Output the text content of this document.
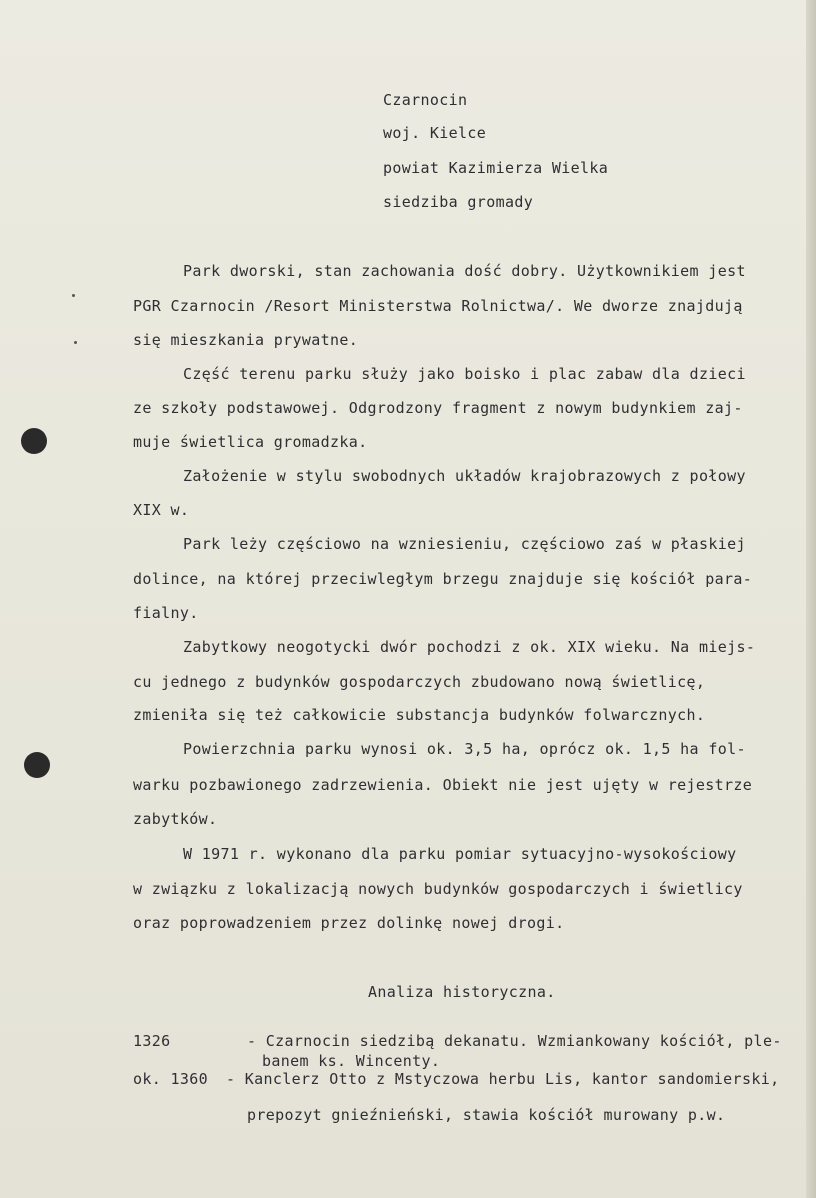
Czarnocin
woj. Kielce
powiat Kazimierza Wielka
siedziba gromady
Park dworski, stan zachowania dość dobry. Użytkownikiem jest
PGR Czarnocin /Resort Ministerstwa Rolnictwa/. We dworze znajdują
się mieszkania prywatne.
Część terenu parku służy jako boisko i plac zabaw dla dzieci
ze szkoły podstawowej. Odgrodzony fragment z nowym budynkiem zaj-
muje świetlica gromadzka.
Założenie w stylu swobodnych układów krajobrazowych z połowy
XIX w.
Park leży częściowo na wzniesieniu, częściowo zaś w płaskiej
dolince, na której przeciwległym brzegu znajduje się kościół para-
fialny.
Zabytkowy neogotycki dwór pochodzi z ok. XIX wieku. Na miejs-
cu jednego z budynków gospodarczych zbudowano nową świetlicę,
zmieniła się też całkowicie substancja budynków folwarcznych.
Powierzchnia parku wynosi ok. 3,5 ha, oprócz ok. 1,5 ha fol-
warku pozbawionego zadrzewienia. Obiekt nie jest ujęty w rejestrze
zabytków.
W 1971 r. wykonano dla parku pomiar sytuacyjno-wysokościowy
w związku z lokalizacją nowych budynków gospodarczych i świetlicy
oraz poprowadzeniem przez dolinkę nowej drogi.
Analiza historyczna.
1326	- Czarnocin siedzibą dekanatu. Wzmiankowany kościół, ple-
banem ks. Wincenty.
ok. 1360 - Kanclerz Otto z Mstyczowa herbu Lis, kantor sandomierski,
prepozyt gnieźnieński, stawia kościół murowany p.w.
